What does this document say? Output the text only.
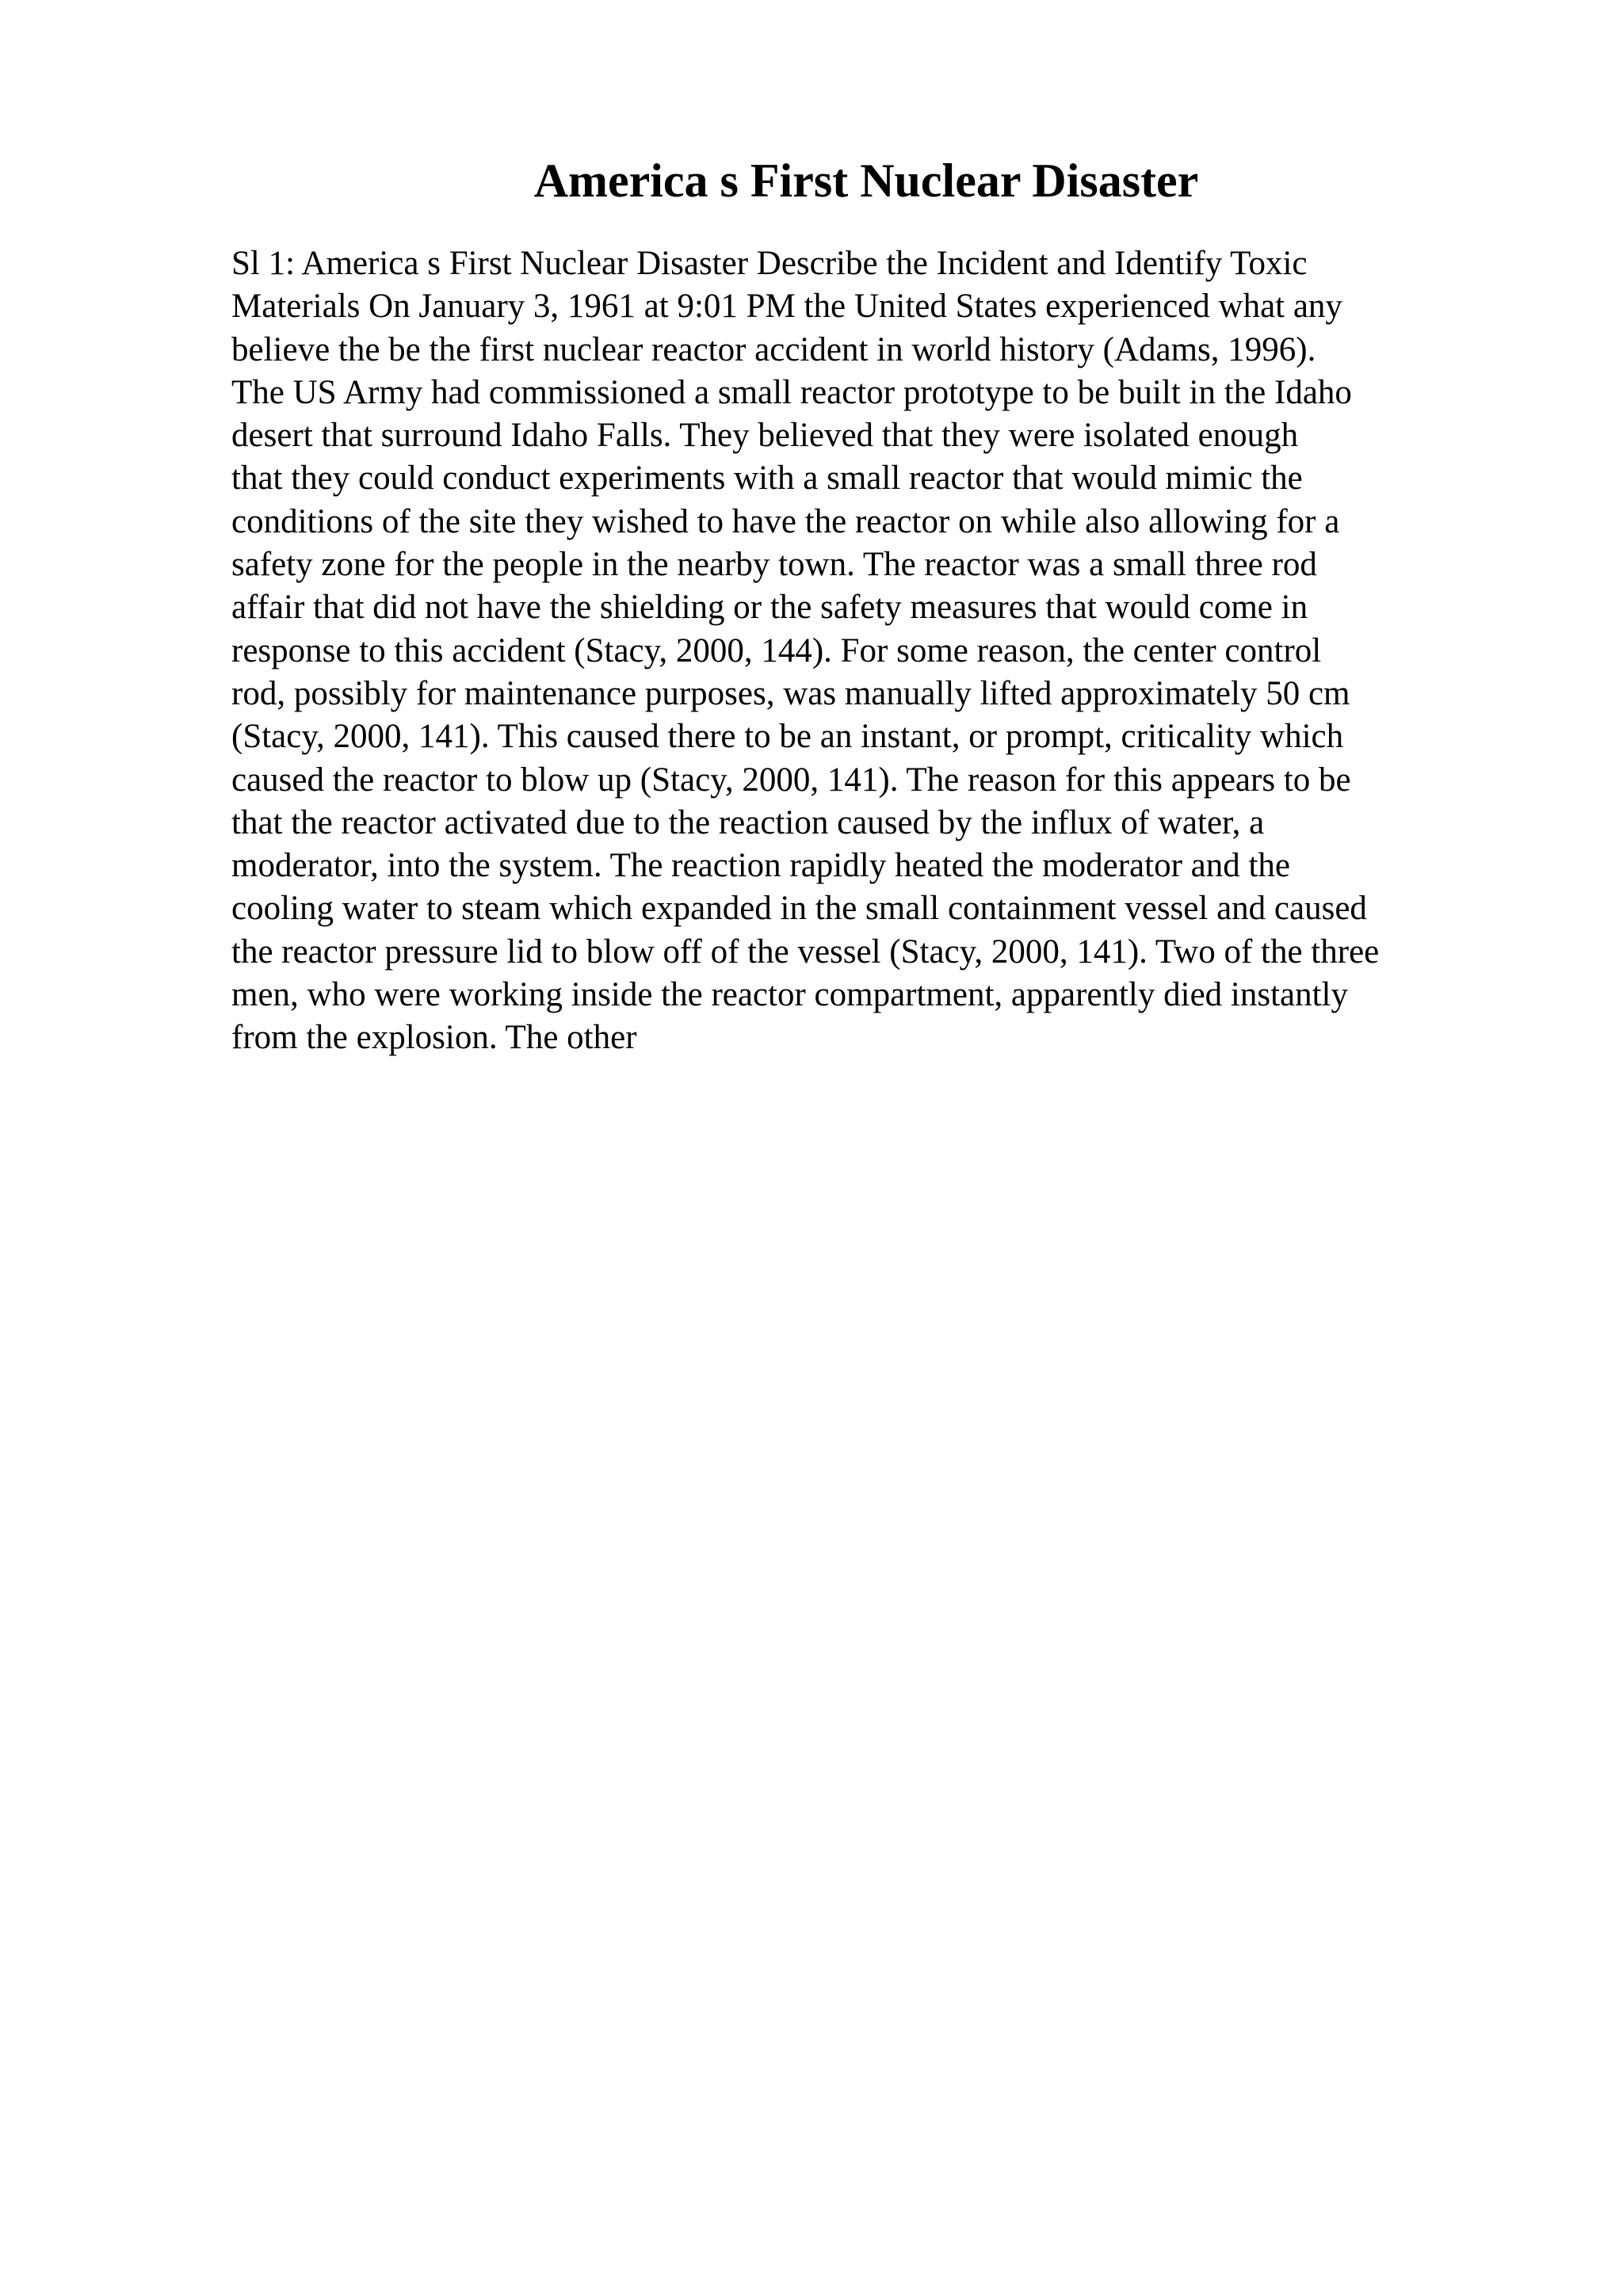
America s First Nuclear Disaster
Sl 1: America s First Nuclear Disaster Describe the Incident and Identify Toxic
Materials On January 3, 1961 at 9:01 PM the United States experienced what any
believe the be the first nuclear reactor accident in world history (Adams, 1996).
The US Army had commissioned a small reactor prototype to be built in the Idaho
desert that surround Idaho Falls. They believed that they were isolated enough
that they could conduct experiments with a small reactor that would mimic the
conditions of the site they wished to have the reactor on while also allowing for a
safety zone for the people in the nearby town. The reactor was a small three rod
affair that did not have the shielding or the safety measures that would come in
response to this accident (Stacy, 2000, 144). For some reason, the center control
rod, possibly for maintenance purposes, was manually lifted approximately 50 cm
(Stacy, 2000, 141). This caused there to be an instant, or prompt, criticality which
caused the reactor to blow up (Stacy, 2000, 141). The reason for this appears to be
that the reactor activated due to the reaction caused by the influx of water, a
moderator, into the system. The reaction rapidly heated the moderator and the
cooling water to steam which expanded in the small containment vessel and caused
the reactor pressure lid to blow off of the vessel (Stacy, 2000, 141). Two of the three
men, who were working inside the reactor compartment, apparently died instantly
from the explosion. The other
